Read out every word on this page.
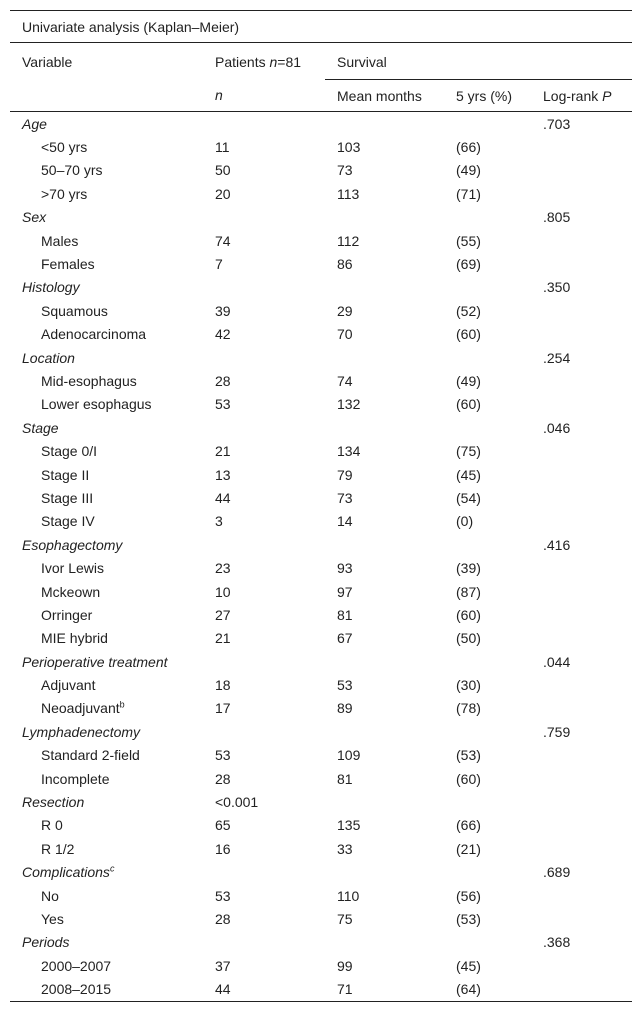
Univariate analysis (Kaplan–Meier)				
Variable	Patients n=81	Survival		
	n	Mean months	5 yrs (%)	Log-rank P
Age				.703
<50 yrs	11	103	(66)	
50–70 yrs	50	73	(49)	
>70 yrs	20	113	(71)	
Sex				.805
Males	74	112	(55)	
Females	7	86	(69)	
Histology				.350
Squamous	39	29	(52)	
Adenocarcinoma	42	70	(60)	
Location				.254
Mid-esophagus	28	74	(49)	
Lower esophagus	53	132	(60)	
Stage				.046
Stage 0/I	21	134	(75)	
Stage II	13	79	(45)	
Stage III	44	73	(54)	
Stage IV	3	14	(0)	
Esophagectomy				.416
Ivor Lewis	23	93	(39)	
Mckeown	10	97	(87)	
Orringer	27	81	(60)	
MIE hybrid	21	67	(50)	
Perioperative treatment				.044
Adjuvant	18	53	(30)	
Neoadjuvant$^b$	17	89	(78)	
Lymphadenectomy				.759
Standard 2-field	53	109	(53)	
Incomplete	28	81	(60)	
Resection	<0.001			
R 0	65	135	(66)	
R 1/2	16	33	(21)	
Complications$^c$				.689
No	53	110	(56)	
Yes	28	75	(53)	
Periods				.368
2000–2007	37	99	(45)	
2008–2015	44	71	(64)	
